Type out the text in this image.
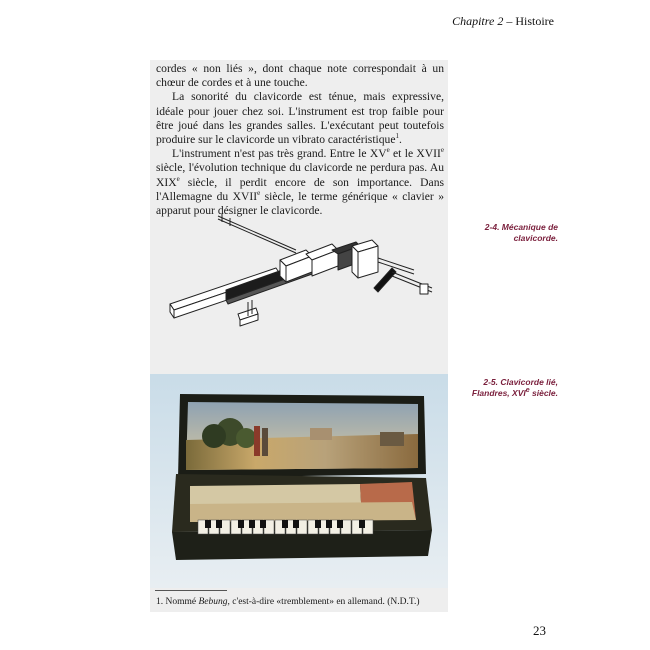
Chapitre 2 – Histoire

cordes « non liés », dont chaque note correspondait à un chœur de cordes et à une touche.

La sonorité du clavicorde est ténue, mais expressive, idéale pour jouer chez soi. L'instrument est trop faible pour être joué dans les grandes salles. L'exécutant peut toutefois produire sur le clavicorde un vibrato caractéristique$^1$.

L'instrument n'est pas très grand. Entre le XVe et le XVIIe siècle, l'évolution technique du clavicorde ne perdura pas. Au XIXe siècle, il perdit encore de son importance. Dans l'Allemagne du XVIIe siècle, le terme générique « clavier » apparut pour désigner le clavicorde.

1. Nommé Bebung, c'est-à-dire «tremblement» en allemand. (N.D.T.)
2-4. Mécanique de clavicorde.
2-5. Clavicorde lié, Flandres, XVIe siècle.
23
